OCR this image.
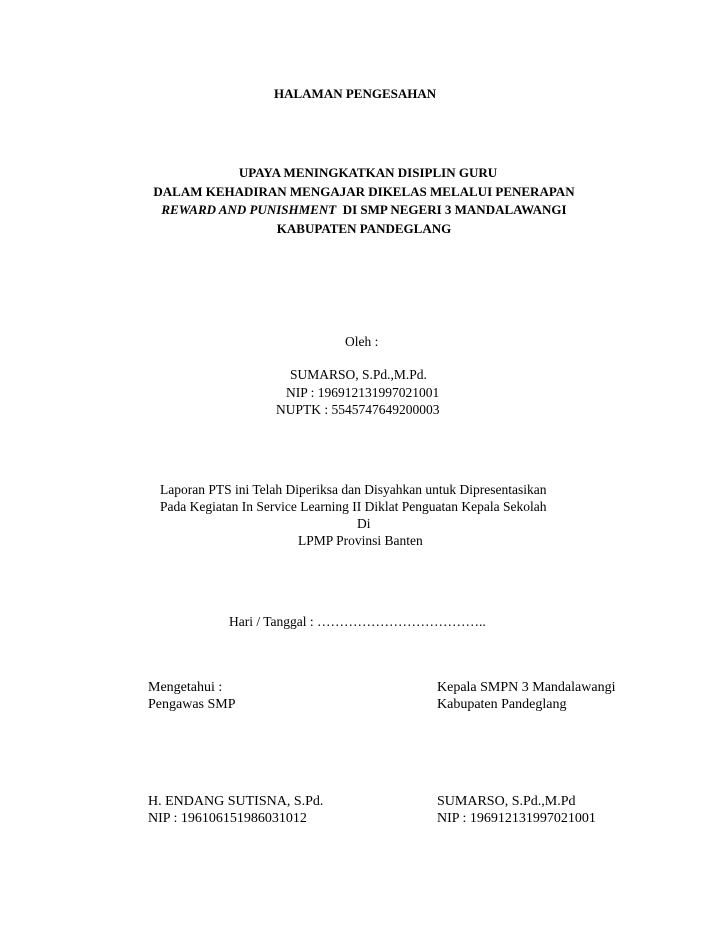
HALAMAN PENGESAHAN
UPAYA MENINGKATKAN DISIPLIN GURU
DALAM KEHADIRAN MENGAJAR DIKELAS MELALUI PENERAPAN
REWARD AND PUNISHMENT  DI SMP NEGERI 3 MANDALAWANGI
KABUPATEN PANDEGLANG
Oleh :
SUMARSO, S.Pd.,M.Pd.
NIP : 196912131997021001
NUPTK : 5545747649200003
Laporan PTS ini Telah Diperiksa dan Disyahkan untuk Dipresentasikan
Pada Kegiatan In Service Learning II Diklat Penguatan Kepala Sekolah
Di
LPMP Provinsi Banten
Hari / Tanggal : ………………………………..
Mengetahui :
Pengawas SMP
H. ENDANG SUTISNA, S.Pd.
NIP : 196106151986031012
Kepala SMPN 3 Mandalawangi
Kabupaten Pandeglang
SUMARSO, S.Pd.,M.Pd
NIP : 196912131997021001
